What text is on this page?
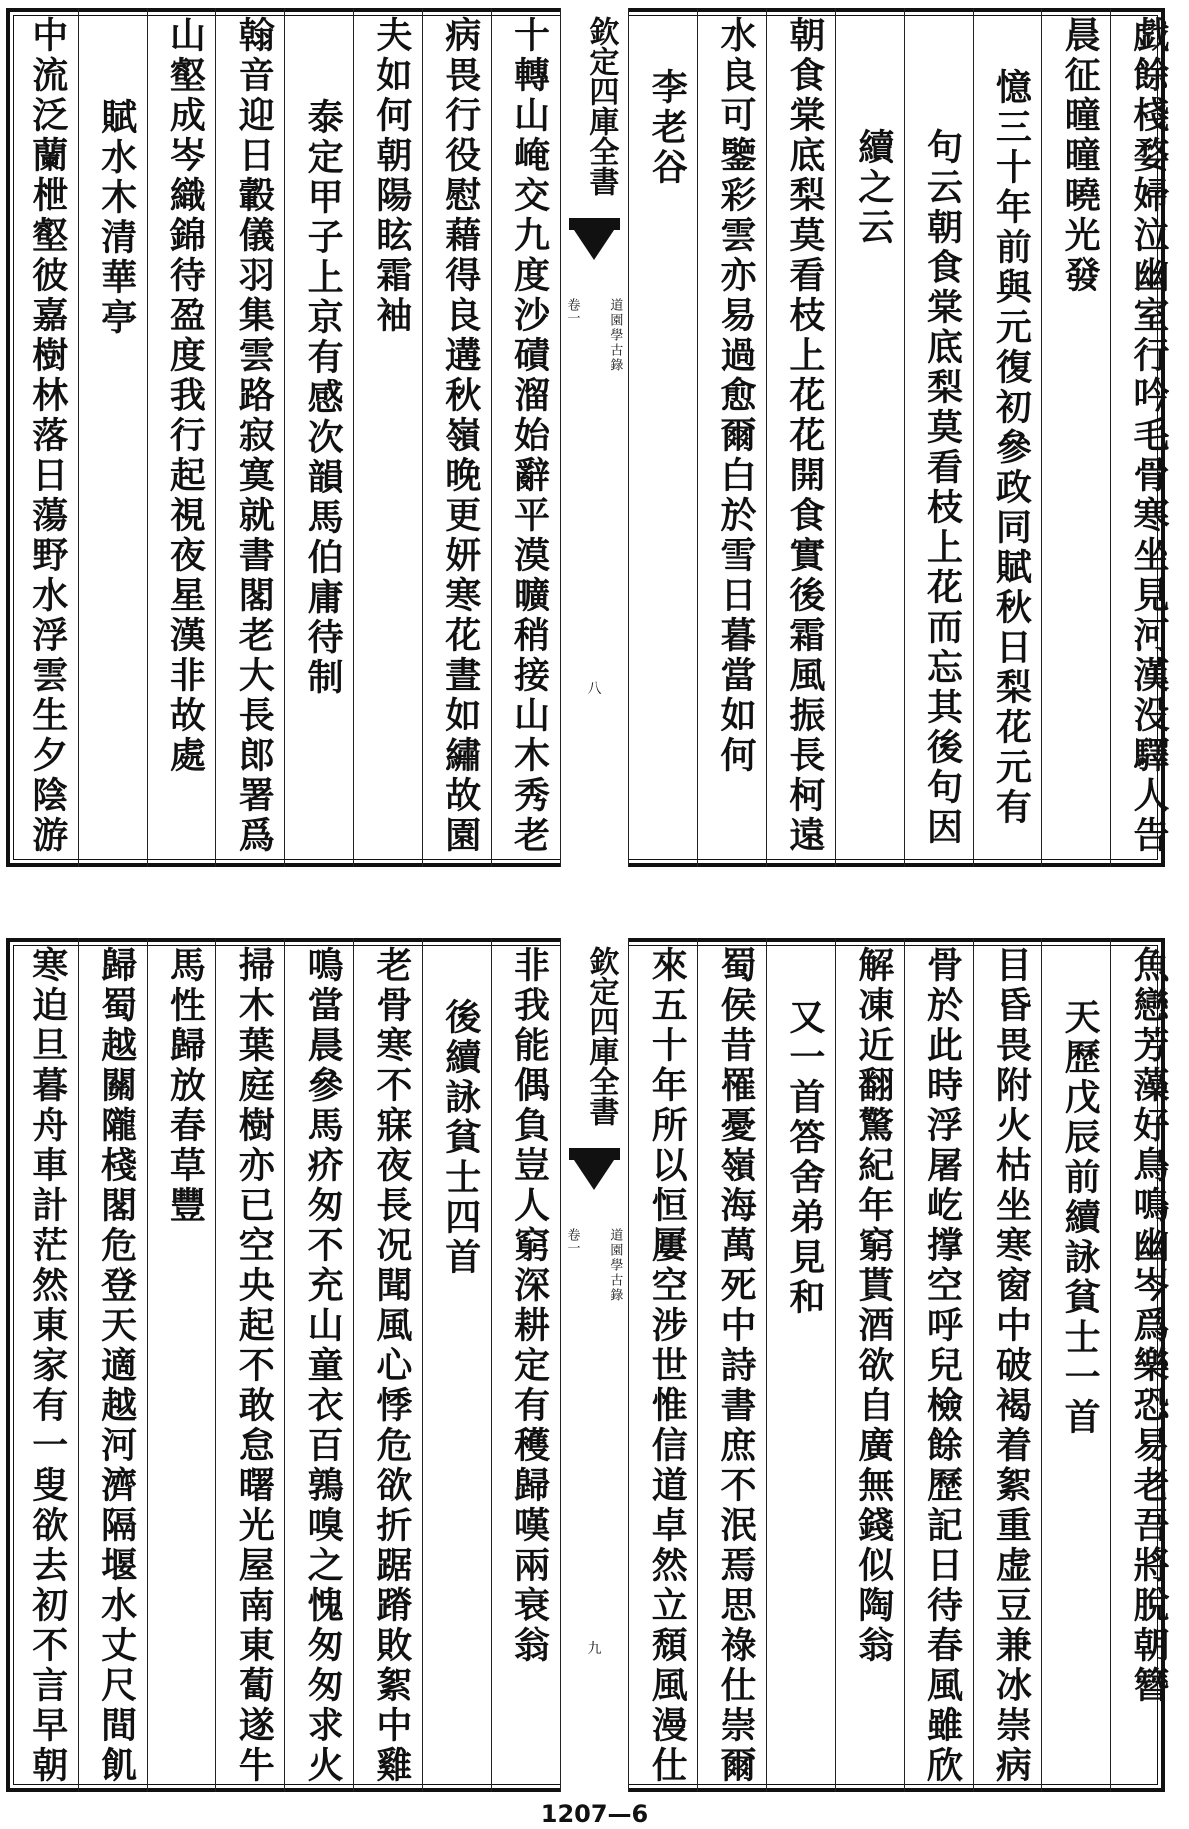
戯餘棧婺婦泣幽室行吟毛骨寒坐見河漢没驛人告
晨征曈曈曉光發
憶三十年前與元復初參政同賦秋日梨花元有
句云朝食棠底梨莫看枝上花而忘其後句因
續之云
朝食棠底梨莫看枝上花花開食實後霜風振長柯遠
水良可鑒彩雲亦易過愈爾白於雪日暮當如何
李老谷
欽定四庫全書
道園學古錄
卷一
八
十轉山崦交九度沙磧溜始辭平漠曠稍接山木秀老
病畏行役慰藉得良遘秋嶺晚更妍寒花晝如繡故園
夫如何朝陽眩霜袖
泰定甲子上京有感次韻馬伯庸待制
翰音迎日轂儀羽集雲路寂寞就書閣老大長郎署爲
山壑成岑織錦待盈度我行起視夜星漢非故處
賦水木清華亭
中流泛蘭枻壑彼嘉樹林落日蕩野水浮雲生夕陰游
魚戀芳藻好鳥鳴幽岑爲樂恐易老吾將脫朝簪
天歷戊辰前續詠貧士一首
目昏畏附火枯坐寒窗中破褐着絮重虚豆兼冰崇病
骨於此時浮屠屹撑空呼兒檢餘歷記日待春風雖欣
解凍近翻驚紀年窮貰酒欲自廣無錢似陶翁
又一首答舍弟見和
蜀侯昔罹憂嶺海萬死中詩書庶不泯焉思祿仕崇爾
來五十年所以恒屢空涉世惟信道卓然立頹風漫仕
欽定四庫全書
道園學古錄
卷一
九
非我能偶負豈人窮深耕定有穫歸嘆兩衰翁
後續詠貧士四首
老骨寒不寐夜長况聞風心悸危欲折踞蹐敗絮中雞
鳴當晨參馬疥匆不充山童衣百鶉嗅之愧匆匆求火
掃木葉庭樹亦已空央起不敢怠曙光屋南東蔔遂牛
馬性歸放春草豐
歸蜀越關隴棧閣危登天適越河濟隔堰水丈尺間飢
寒迫旦暮舟車計茫然東家有一叟欲去初不言早朝
1207—6
